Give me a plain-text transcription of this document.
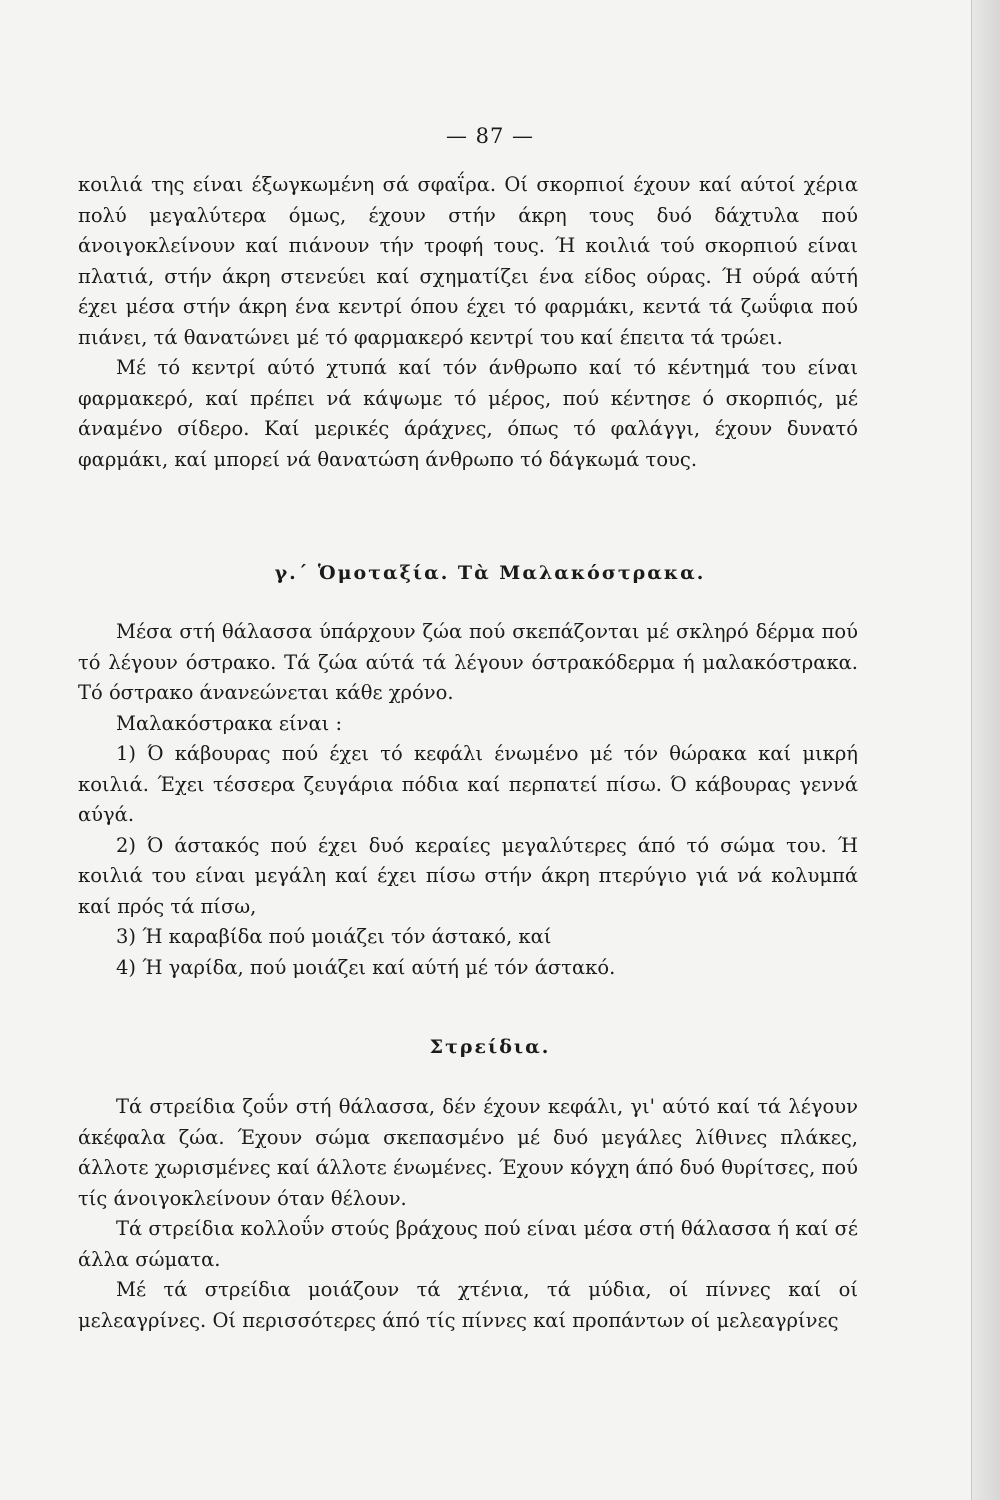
— 87 —

κοιλιά της είναι έξωγκωμένη σά σφαΐρα. Οί σκορπιοί έχουν καί αύτοί χέρια πολύ μεγαλύτερα όμως, έχουν στήν άκρη τους δυό δάχτυλα πού άνοιγοκλείνουν καί πιάνουν τήν τροφή τους. Ή κοιλιά τού σκορπιού είναι πλατιά, στήν άκρη στενεύει καί σχηματίζει ένα είδος ούρας. Ή ούρά αύτή έχει μέσα στήν άκρη ένα κεντρί όπου έχει τό φαρμάκι, κεντά τά ζωΰφια πού πιάνει, τά θανατώνει μέ τό φαρμακερό κεντρί του καί έπειτα τά τρώει.

Μέ τό κεντρί αύτό χτυπά καί τόν άνθρωπο καί τό κέντημά του είναι φαρμακερό, καί πρέπει νά κάψωμε τό μέρος, πού κέντησε ό σκορπιός, μέ άναμένο σίδερο. Καί μερικές άράχνες, όπως τό φαλάγγι, έχουν δυνατό φαρμάκι, καί μπορεί νά θανατώση άνθρωπο τό δάγκωμά τους.

γ.΄ Ὁμοταξία. Τὰ Μαλακόστρακα.

Μέσα στή θάλασσα ύπάρχουν ζώα πού σκεπάζονται μέ σκληρό δέρμα πού τό λέγουν όστρακο. Τά ζώα αύτά τά λέγουν όστρακόδερμα ή μαλακόστρακα. Τό όστρακο άνανεώνεται κάθε χρόνο.

Μαλακόστρακα είναι :

1) Ό κάβουρας πού έχει τό κεφάλι ένωμένο μέ τόν θώρακα καί μικρή κοιλιά. Έχει τέσσερα ζευγάρια πόδια καί περπατεί πίσω. Ό κάβουρας γεννά αύγά.

2) Ό άστακός πού έχει δυό κεραίες μεγαλύτερες άπό τό σώμα του. Ή κοιλιά του είναι μεγάλη καί έχει πίσω στήν άκρη πτερύγιο γιά νά κολυμπά καί πρός τά πίσω,

3) Ή καραβίδα πού μοιάζει τόν άστακό, καί

4) Ή γαρίδα, πού μοιάζει καί αύτή μέ τόν άστακό.

Στρείδια.

Τά στρείδια ζοΰν στή θάλασσα, δέν έχουν κεφάλι, γι' αύτό καί τά λέγουν άκέφαλα ζώα. Έχουν σώμα σκεπασμένο μέ δυό μεγάλες λίθινες πλάκες, άλλοτε χωρισμένες καί άλλοτε ένωμένες. Έχουν κόγχη άπό δυό θυρίτσες, πού τίς άνοιγοκλείνουν όταν θέλουν.

Τά στρείδια κολλοΰν στούς βράχους πού είναι μέσα στή θάλασσα ή καί σέ άλλα σώματα.

Μέ τά στρείδια μοιάζουν τά χτένια, τά μύδια, οί πίννες καί οί μελεαγρίνες. Οί περισσότερες άπό τίς πίννες καί προπάντων οί μελεαγρίνες
